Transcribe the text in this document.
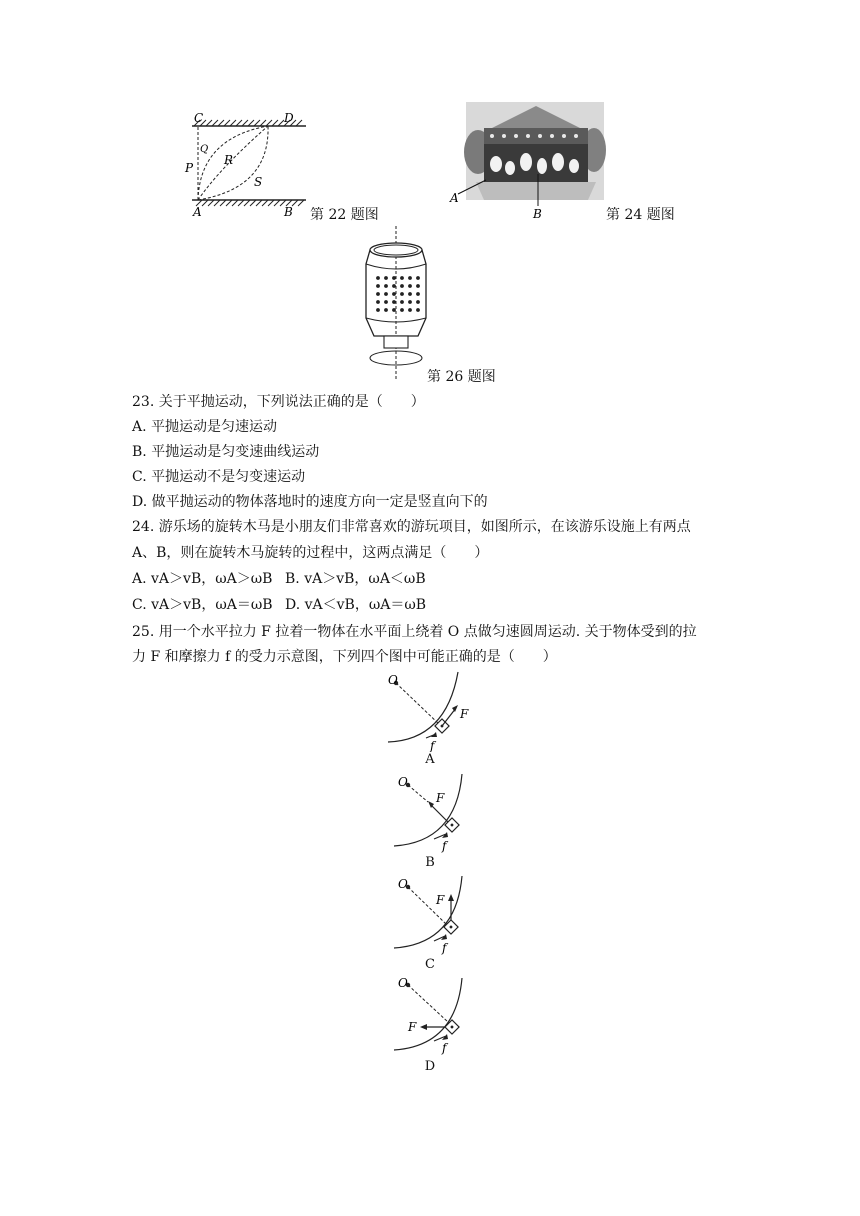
C	D
A	B
P
Q
R
S
第 22 题图
A
B	第 24 题图
第 26 题图
23. 关于平抛运动，下列说法正确的是（　　）
A. 平抛运动是匀速运动
B. 平抛运动是匀变速曲线运动
C. 平抛运动不是匀变速运动
D. 做平抛运动的物体落地时的速度方向一定是竖直向下的
24. 游乐场的旋转木马是小朋友们非常喜欢的游玩项目，如图所示，在该游乐设施上有两点
A、B，则在旋转木马旋转的过程中，这两点满足（　　）
A. vA＞vB，ωA＞ωB B. vA＞vB，ωA＜ωB
C. vA＞vB，ωA＝ωB D. vA＜vB，ωA＝ωB
25. 用一个水平拉力 F 拉着一物体在水平面上绕着 O 点做匀速圆周运动. 关于物体受到的拉
力 F 和摩擦力 f 的受力示意图，下列四个图中可能正确的是（　　）
O
F
f
A
O
F
f
B
O
F
f
C
O
F
f
D
